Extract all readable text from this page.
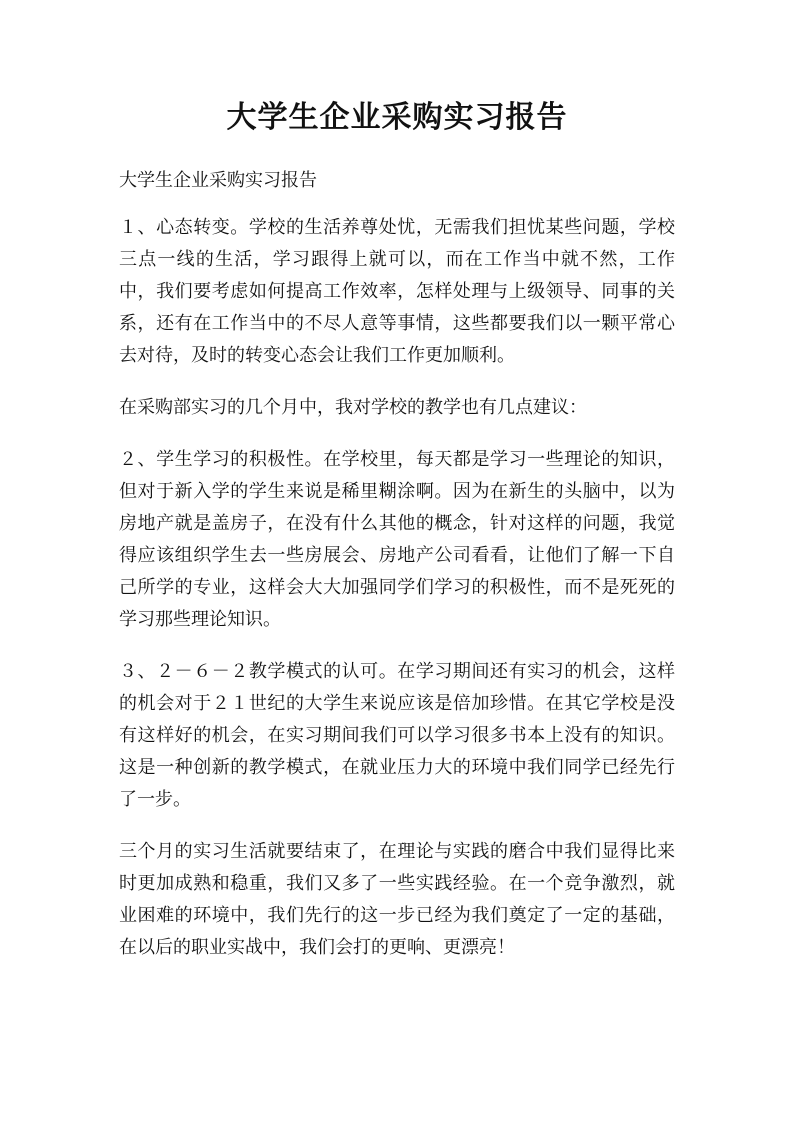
大学生企业采购实习报告
大学生企业采购实习报告

１、心态转变。学校的生活养尊处忧，无需我们担忧某些问题，学校三点一线的生活，学习跟得上就可以，而在工作当中就不然，工作中，我们要考虑如何提高工作效率，怎样处理与上级领导、同事的关系，还有在工作当中的不尽人意等事情，这些都要我们以一颗平常心去对待，及时的转变心态会让我们工作更加顺利。

在采购部实习的几个月中，我对学校的教学也有几点建议：

２、学生学习的积极性。在学校里，每天都是学习一些理论的知识，但对于新入学的学生来说是稀里糊涂啊。因为在新生的头脑中，以为房地产就是盖房子，在没有什么其他的概念，针对这样的问题，我觉得应该组织学生去一些房展会、房地产公司看看，让他们了解一下自己所学的专业，这样会大大加强同学们学习的积极性，而不是死死的学习那些理论知识。

３、２－６－２教学模式的认可。在学习期间还有实习的机会，这样的机会对于２１世纪的大学生来说应该是倍加珍惜。在其它学校是没有这样好的机会，在实习期间我们可以学习很多书本上没有的知识。这是一种创新的教学模式，在就业压力大的环境中我们同学已经先行了一步。

三个月的实习生活就要结束了，在理论与实践的磨合中我们显得比来时更加成熟和稳重，我们又多了一些实践经验。在一个竞争激烈，就业困难的环境中，我们先行的这一步已经为我们奠定了一定的基础，在以后的职业实战中，我们会打的更响、更漂亮！
